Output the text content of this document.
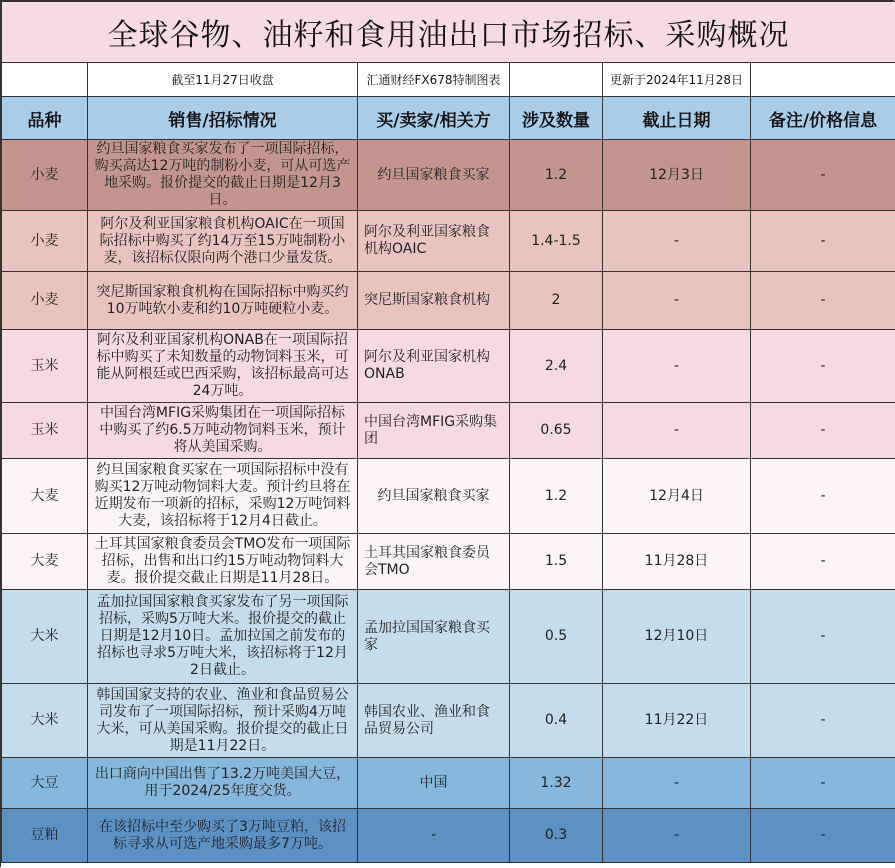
全球谷物、油籽和食用油出口市场招标、采购概况					
	截至11月27日收盘	汇通财经FX678特制图表		更新于2024年11月28日	
品种	销售/招标情况	买/卖家/相关方	涉及数量	截止日期	备注/价格信息
小麦	约旦国家粮食买家发布了一项国际招标，购买高达12万吨的制粉小麦，可从可选产地采购。报价提交的截止日期是12月3日。	约旦国家粮食买家	1.2	12月3日	-
小麦	阿尔及利亚国家粮食机构OAIC在一项国际招标中购买了约14万至15万吨制粉小麦，该招标仅限向两个港口少量发货。	阿尔及利亚国家粮食机构OAIC	1.4-1.5	-	-
小麦	突尼斯国家粮食机构在国际招标中购买约10万吨软小麦和约10万吨硬粒小麦。	突尼斯国家粮食机构	2	-	-
玉米	阿尔及利亚国家机构ONAB在一项国际招标中购买了未知数量的动物饲料玉米，可能从阿根廷或巴西采购，该招标最高可达24万吨。	阿尔及利亚国家机构ONAB	2.4	-	-
玉米	中国台湾MFIG采购集团在一项国际招标中购买了约6.5万吨动物饲料玉米，预计将从美国采购。	中国台湾MFIG采购集团	0.65	-	-
大麦	约旦国家粮食买家在一项国际招标中没有购买12万吨动物饲料大麦。预计约旦将在近期发布一项新的招标，采购12万吨饲料大麦，该招标将于12月4日截止。	约旦国家粮食买家	1.2	12月4日	-
大麦	土耳其国家粮食委员会TMO发布一项国际招标，出售和出口约15万吨动物饲料大麦。报价提交截止日期是11月28日。	土耳其国家粮食委员会TMO	1.5	11月28日	-
大米	孟加拉国国家粮食买家发布了另一项国际招标，采购5万吨大米。报价提交的截止日期是12月10日。孟加拉国之前发布的招标也寻求5万吨大米，该招标将于12月2日截止。	孟加拉国国家粮食买家	0.5	12月10日	-
大米	韩国国家支持的农业、渔业和食品贸易公司发布了一项国际招标，预计采购4万吨大米，可从美国采购。报价提交的截止日期是11月22日。	韩国农业、渔业和食品贸易公司	0.4	11月22日	-
大豆	出口商向中国出售了13.2万吨美国大豆，用于2024/25年度交货。	中国	1.32	-	-
豆粕	在该招标中至少购买了3万吨豆粕，该招标寻求从可选产地采购最多7万吨。	-	0.3	-	-
